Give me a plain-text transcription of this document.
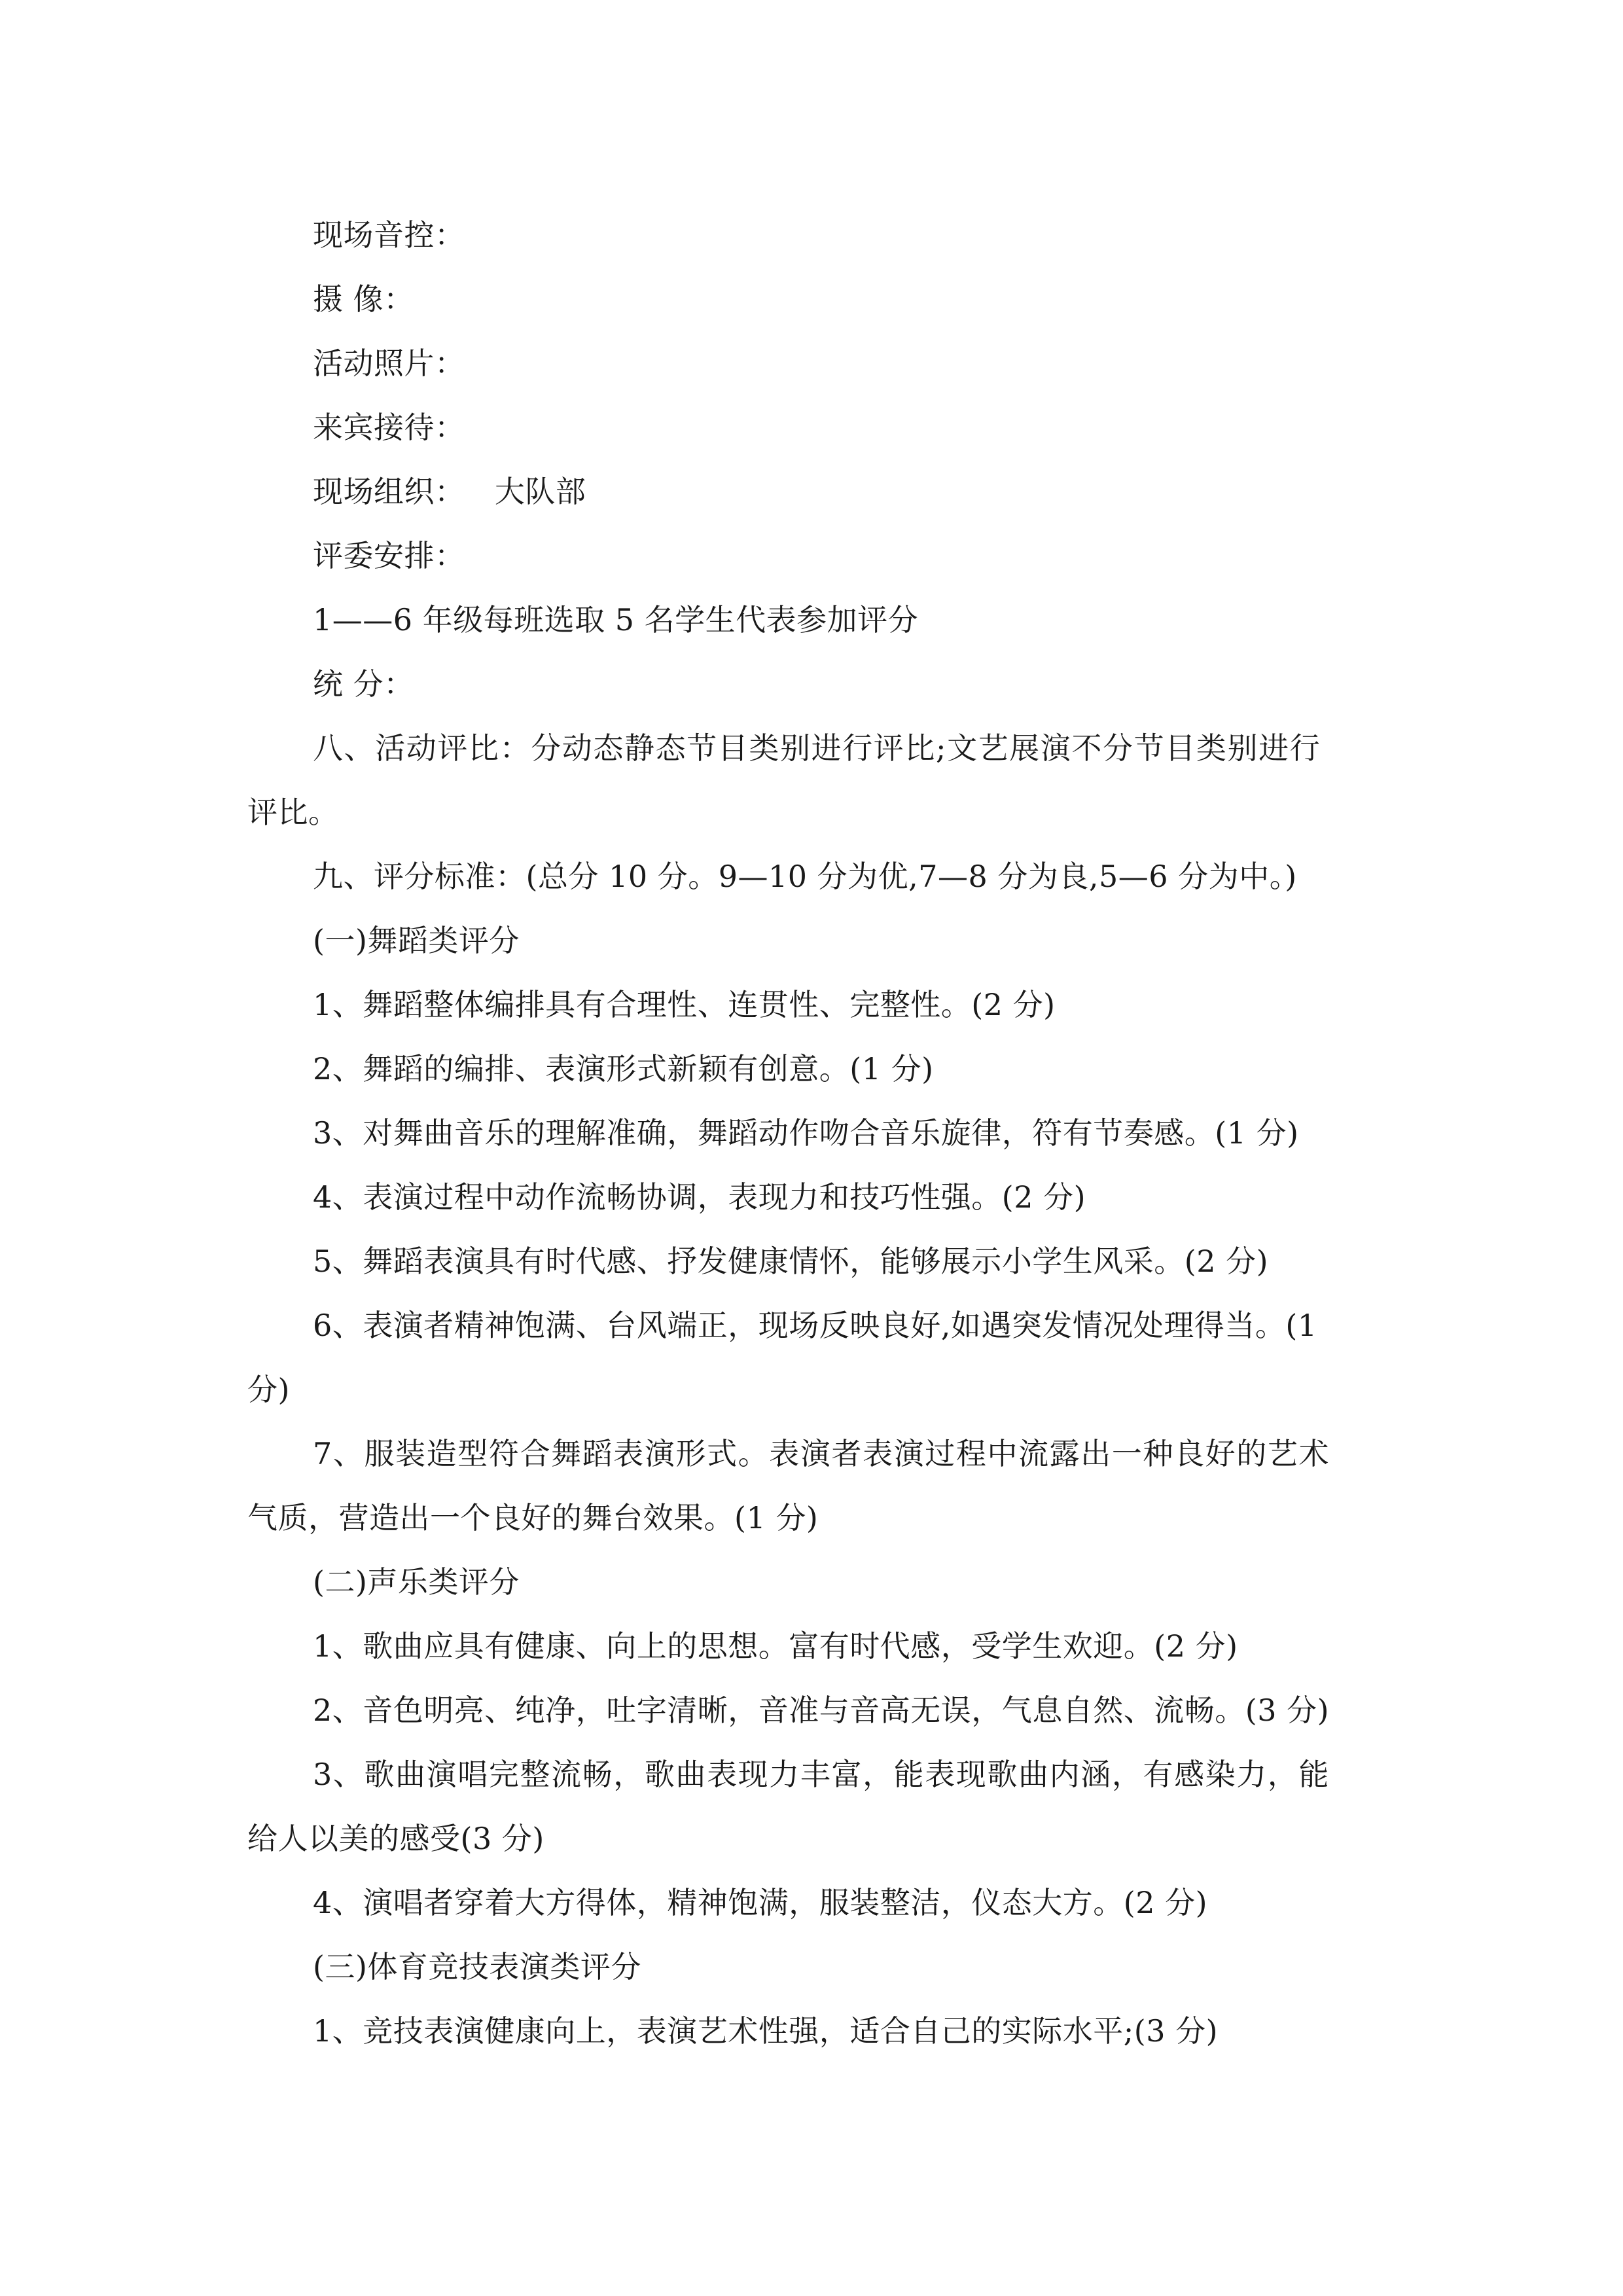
现场音控：

摄 像：

活动照片：

来宾接待：

现场组织：   大队部

评委安排：

1——6 年级每班选取 5 名学生代表参加评分

统 分：

八、活动评比：分动态静态节目类别进行评比;文艺展演不分节目类别进行

评比。

九、评分标准：(总分 10 分。9—10 分为优,7—8 分为良,5—6 分为中。)

(一)舞蹈类评分

1、舞蹈整体编排具有合理性、连贯性、完整性。(2 分)

2、舞蹈的编排、表演形式新颖有创意。(1 分)

3、对舞曲音乐的理解准确，舞蹈动作吻合音乐旋律，符有节奏感。(1 分)

4、表演过程中动作流畅协调，表现力和技巧性强。(2 分)

5、舞蹈表演具有时代感、抒发健康情怀，能够展示小学生风采。(2 分)

6、表演者精神饱满、台风端正，现场反映良好,如遇突发情况处理得当。(1

分)

7、服装造型符合舞蹈表演形式。表演者表演过程中流露出一种良好的艺术

气质，营造出一个良好的舞台效果。(1 分)

(二)声乐类评分

1、歌曲应具有健康、向上的思想。富有时代感，受学生欢迎。(2 分)

2、音色明亮、纯净，吐字清晰，音准与音高无误，气息自然、流畅。(3 分)

3、歌曲演唱完整流畅，歌曲表现力丰富，能表现歌曲内涵，有感染力，能

给人以美的感受(3 分)

4、演唱者穿着大方得体，精神饱满，服装整洁，仪态大方。(2 分)

(三)体育竞技表演类评分

1、竞技表演健康向上，表演艺术性强，适合自己的实际水平;(3 分)
